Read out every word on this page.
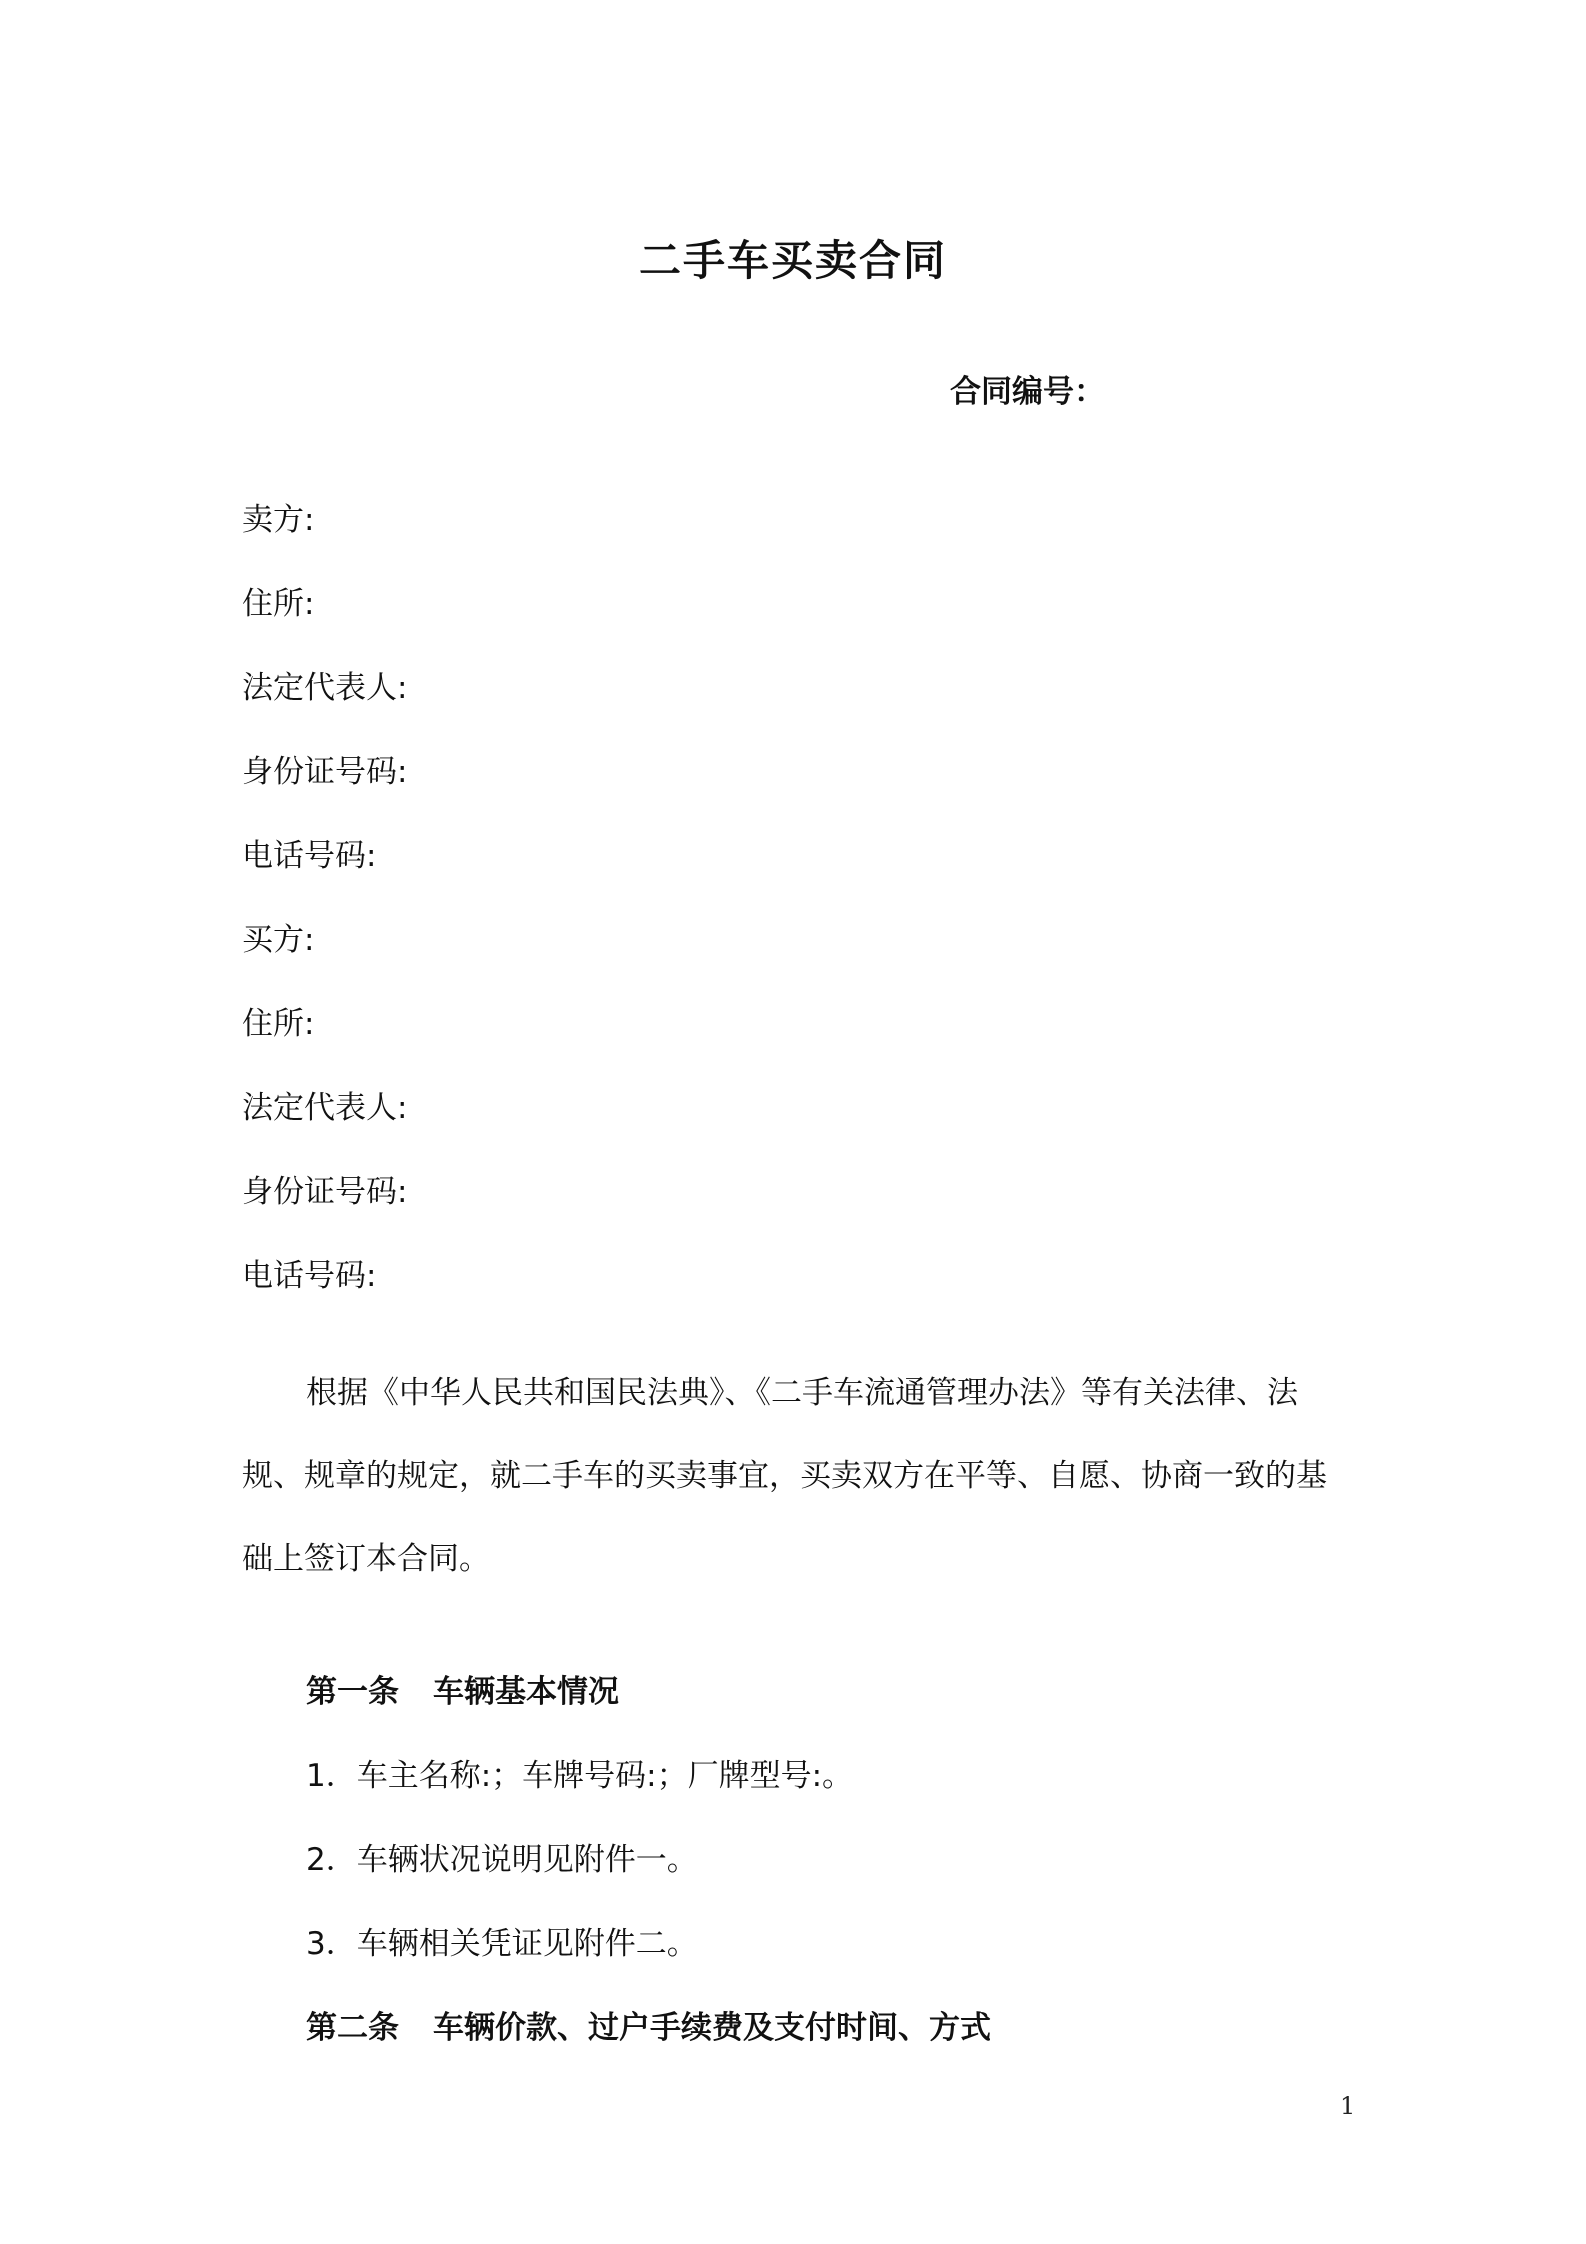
二手车买卖合同
合同编号：
卖方:
住所:
法定代表人:
身份证号码:
电话号码:
买方:
住所:
法定代表人:
身份证号码:
电话号码:
根据《中华人民共和国民法典》、《二手车流通管理办法》等有关法律、法规、规章的规定，就二手车的买卖事宜，买卖双方在平等、自愿、协商一致的基础上签订本合同。
第一条 车辆基本情况
1．车主名称:；车牌号码:；厂牌型号:。
2．车辆状况说明见附件一。
3．车辆相关凭证见附件二。
第二条 车辆价款、过户手续费及支付时间、方式
1
